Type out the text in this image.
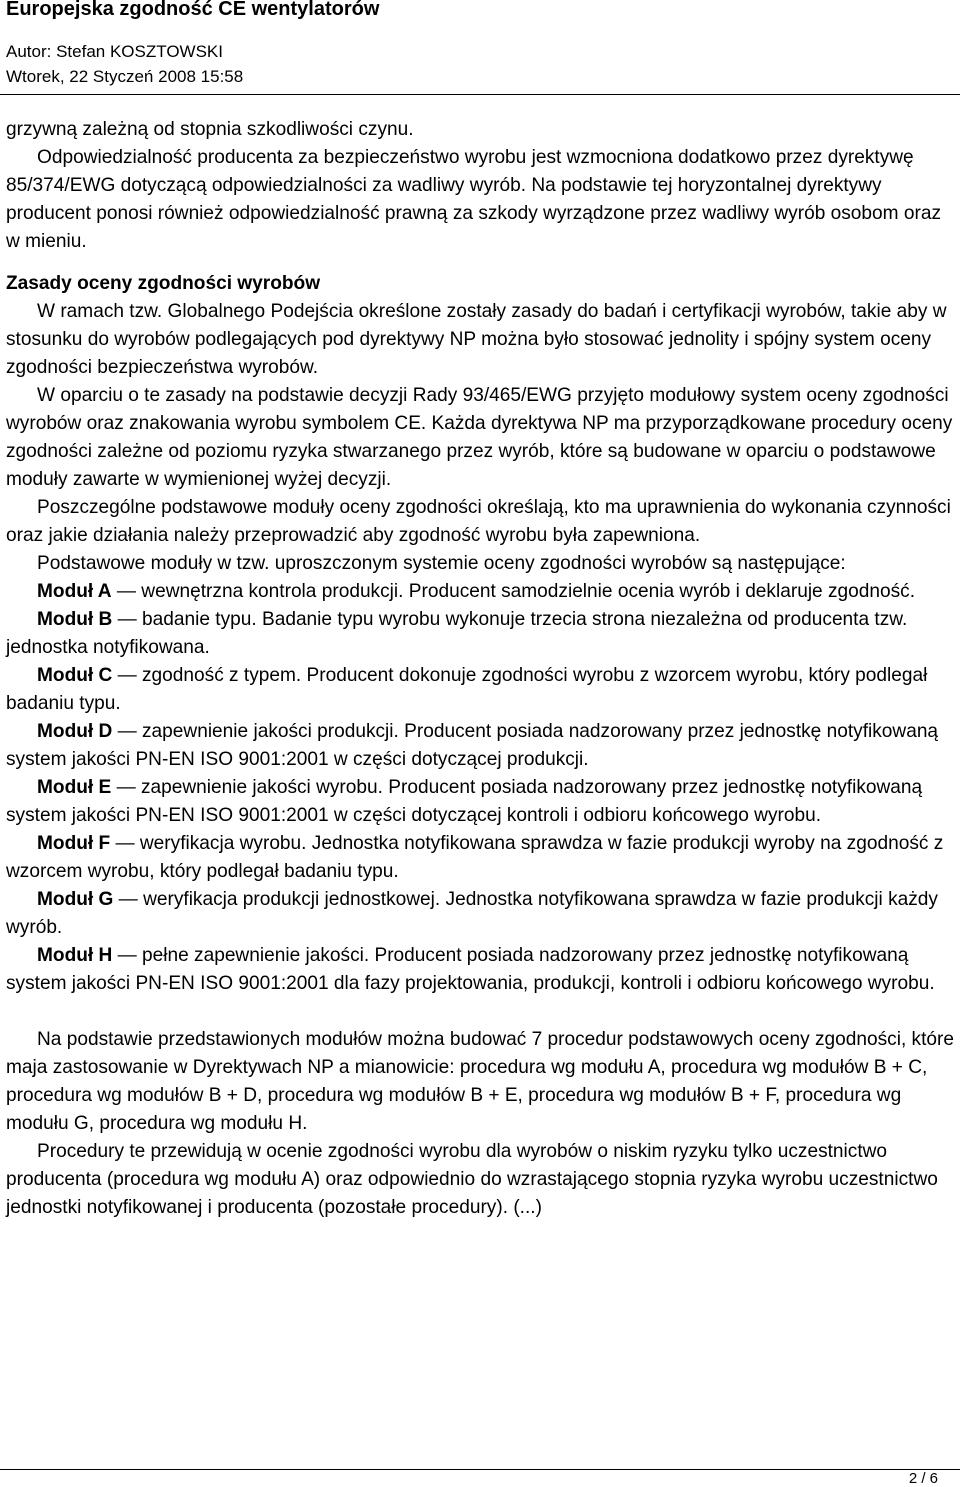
Europejska zgodność CE wentylatorów
Autor: Stefan KOSZTOWSKI
Wtorek, 22 Styczeń 2008 15:58

grzywną zależną od stopnia szkodliwości czynu.

Odpowiedzialność producenta za bezpieczeństwo wyrobu jest wzmocniona dodatkowo przez dyrektywę 85/374/EWG dotyczącą odpowiedzialności za wadliwy wyrób. Na podstawie tej horyzontalnej dyrektywy producent ponosi również odpowiedzialność prawną za szkody wyrządzone przez wadliwy wyrób osobom oraz w mieniu.

Zasady oceny zgodności wyrobów

W ramach tzw. Globalnego Podejścia określone zostały zasady do badań i certyfikacji wyrobów, takie aby w stosunku do wyrobów podlegających pod dyrektywy NP można było stosować jednolity i spójny system oceny zgodności bezpieczeństwa wyrobów.

W oparciu o te zasady na podstawie decyzji Rady 93/465/EWG przyjęto modułowy system oceny zgodności wyrobów oraz znakowania wyrobu symbolem CE. Każda dyrektywa NP ma przyporządkowane procedury oceny zgodności zależne od poziomu ryzyka stwarzanego przez wyrób, które są budowane w oparciu o podstawowe moduły zawarte w wymienionej wyżej decyzji.

Poszczególne podstawowe moduły oceny zgodności określają, kto ma uprawnienia do wykonania czynności oraz jakie działania należy przeprowadzić aby zgodność wyrobu była zapewniona.

Podstawowe moduły w tzw. uproszczonym systemie oceny zgodności wyrobów są następujące:

Moduł A — wewnętrzna kontrola produkcji. Producent samodzielnie ocenia wyrób i deklaruje zgodność.

Moduł B — badanie typu. Badanie typu wyrobu wykonuje trzecia strona niezależna od producenta tzw. jednostka notyfikowana.

Moduł C — zgodność z typem. Producent dokonuje zgodności wyrobu z wzorcem wyrobu, który podlegał badaniu typu.

Moduł D — zapewnienie jakości produkcji. Producent posiada nadzorowany przez jednostkę notyfikowaną system jakości PN-EN ISO 9001:2001 w części dotyczącej produkcji.

Moduł E — zapewnienie jakości wyrobu. Producent posiada nadzorowany przez jednostkę notyfikowaną system jakości PN-EN ISO 9001:2001 w części dotyczącej kontroli i odbioru końcowego wyrobu.

Moduł F — weryfikacja wyrobu. Jednostka notyfikowana sprawdza w fazie produkcji wyroby na zgodność z wzorcem wyrobu, który podlegał badaniu typu.

Moduł G — weryfikacja produkcji jednostkowej. Jednostka notyfikowana sprawdza w fazie produkcji każdy wyrób.

Moduł H — pełne zapewnienie jakości. Producent posiada nadzorowany przez jednostkę notyfikowaną system jakości PN-EN ISO 9001:2001 dla fazy projektowania, produkcji, kontroli i odbioru końcowego wyrobu.

Na podstawie przedstawionych modułów można budować 7 procedur podstawowych oceny zgodności, które maja zastosowanie w Dyrektywach NP a mianowicie: procedura wg modułu A, procedura wg modułów B + C, procedura wg modułów B + D, procedura wg modułów B + E, procedura wg modułów B + F, procedura wg modułu G, procedura wg modułu H.

Procedury te przewidują w ocenie zgodności wyrobu dla wyrobów o niskim ryzyku tylko uczestnictwo producenta (procedura wg modułu A) oraz odpowiednio do wzrastającego stopnia ryzyka wyrobu uczestnictwo jednostki notyfikowanej i producenta (pozostałe procedury). (...)

2 / 6
